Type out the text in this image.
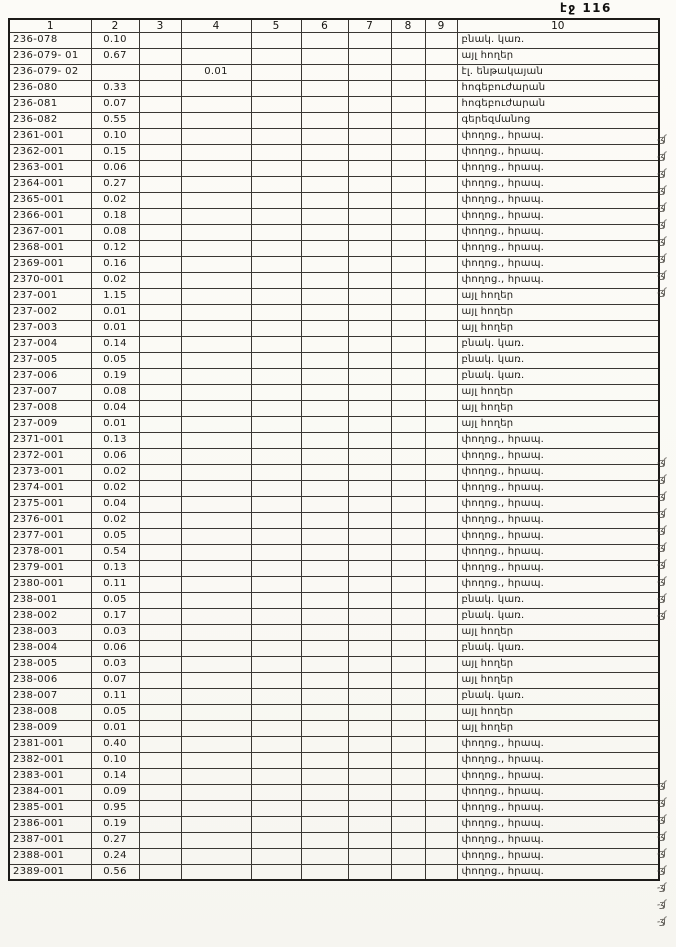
էջ 116
1	2	3	4	5	6	7	8	9	10
236-078	0.10								բնակ. կառ.
236-079- 01	0.67								այլ հողեր
236-079- 02			0.01						էլ. ենթակայան
236-080	0.33								հոգեբուժարան
236-081	0.07								հոգեբուժարան
236-082	0.55								գերեզմանոց
2361-001	0.10								փողոց., հրապ.
2362-001	0.15								փողոց., հրապ.
2363-001	0.06								փողոց., հրապ.
2364-001	0.27								փողոց., հրապ.
2365-001	0.02								փողոց., հրապ.
2366-001	0.18								փողոց., հրապ.
2367-001	0.08								փողոց., հրապ.
2368-001	0.12								փողոց., հրապ.
2369-001	0.16								փողոց., հրապ.
2370-001	0.02								փողոց., հրապ.
237-001	1.15								այլ հողեր
237-002	0.01								այլ հողեր
237-003	0.01								այլ հողեր
237-004	0.14								բնակ. կառ.
237-005	0.05								բնակ. կառ.
237-006	0.19								բնակ. կառ.
237-007	0.08								այլ հողեր
237-008	0.04								այլ հողեր
237-009	0.01								այլ հողեր
2371-001	0.13								փողոց., հրապ.
2372-001	0.06								փողոց., հրապ.
2373-001	0.02								փողոց., հրապ.
2374-001	0.02								փողոց., հրապ.
2375-001	0.04								փողոց., հրապ.
2376-001	0.02								փողոց., հրապ.
2377-001	0.05								փողոց., հրապ.
2378-001	0.54								փողոց., հրապ.
2379-001	0.13								փողոց., հրապ.
2380-001	0.11								փողոց., հրապ.
238-001	0.05								բնակ. կառ.
238-002	0.17								բնակ. կառ.
238-003	0.03								այլ հողեր
238-004	0.06								բնակ. կառ.
238-005	0.03								այլ հողեր
238-006	0.07								այլ հողեր
238-007	0.11								բնակ. կառ.
238-008	0.05								այլ հողեր
238-009	0.01								այլ հողեր
2381-001	0.40								փողոց., հրապ.
2382-001	0.10								փողոց., հրապ.
2383-001	0.14								փողոց., հրապ.
2384-001	0.09								փողոց., հրապ.
2385-001	0.95								փողոց., հրապ.
2386-001	0.19								փողոց., հրապ.
2387-001	0.27								փողոց., հրապ.
2388-001	0.24								փողոց., հրապ.
2389-001	0.56								փողոց., հրապ.
-ʒʃ
-ʒʃ
-ʒʃ
-ʒʃ
-ʒʃ
-ʒʃ
-ʒʃ
-ʒʃ
-ʒʃ
-ʒʃ
-ʒʃ
-ʒʃ
-ʒʃ
-ʒʃ
-ʒʃ
-ʒʃ
-ʒʃ
-ʒʃ
-ʒʃ
-ʒʃ
-ʒʃ
-ʒʃ
-ʒʃ
-ʒʃ
-ʒʃ
-ʒʃ
-ʒʃ
-ʒʃ
-ʒʃ
